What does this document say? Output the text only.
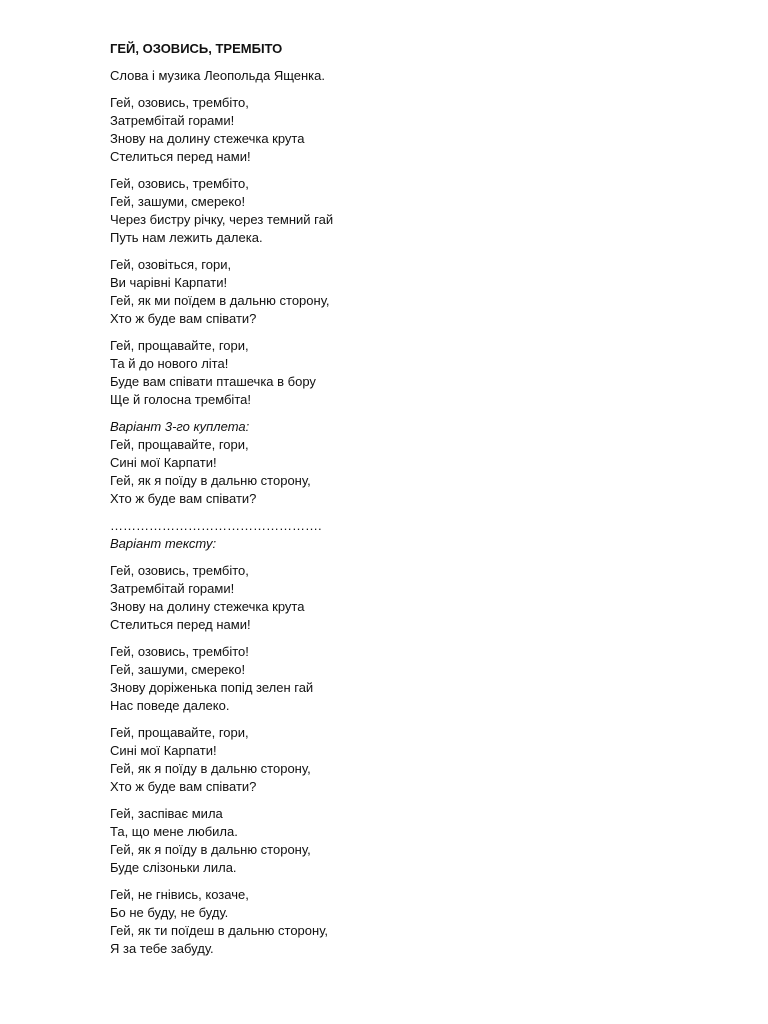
ГЕЙ, ОЗОВИСЬ, ТРЕМБІТО
Слова і музика Леопольда Ященка.
Гей, озовись, трембіто,
Затрембітай горами!
Знову на долину стежечка крута
Стелиться перед нами!
Гей, озовись, трембіто,
Гей, зашуми, смереко!
Через бистру річку, через темний гай
Путь нам лежить далека.
Гей, озовіться, гори,
Ви чарівні Карпати!
Гей, як ми поїдем в дальню сторону,
Хто ж буде вам співати?
Гей, прощавайте, гори,
Та й до нового літа!
Буде вам співати пташечка в бору
Ще й голосна трембіта!
Варіант 3-го куплета:
Гей, прощавайте, гори,
Сині мої Карпати!
Гей, як я поїду в дальню сторону,
Хто ж буде вам співати?
………………………………………….
Варіант тексту:
Гей, озовись, трембіто,
Затрембітай горами!
Знову на долину стежечка крута
Стелиться перед нами!
Гей, озовись, трембіто!
Гей, зашуми, смереко!
Знову доріженька попід зелен гай
Нас поведе далеко.
Гей, прощавайте, гори,
Сині мої Карпати!
Гей, як я поїду в дальню сторону,
Хто ж буде вам співати?
Гей, заспіває мила
Та, що мене любила.
Гей, як я поїду в дальню сторону,
Буде слізоньки лила.
Гей, не гнівись, козаче,
Бо не буду, не буду.
Гей, як ти поїдеш в дальню сторону,
Я за тебе забуду.
